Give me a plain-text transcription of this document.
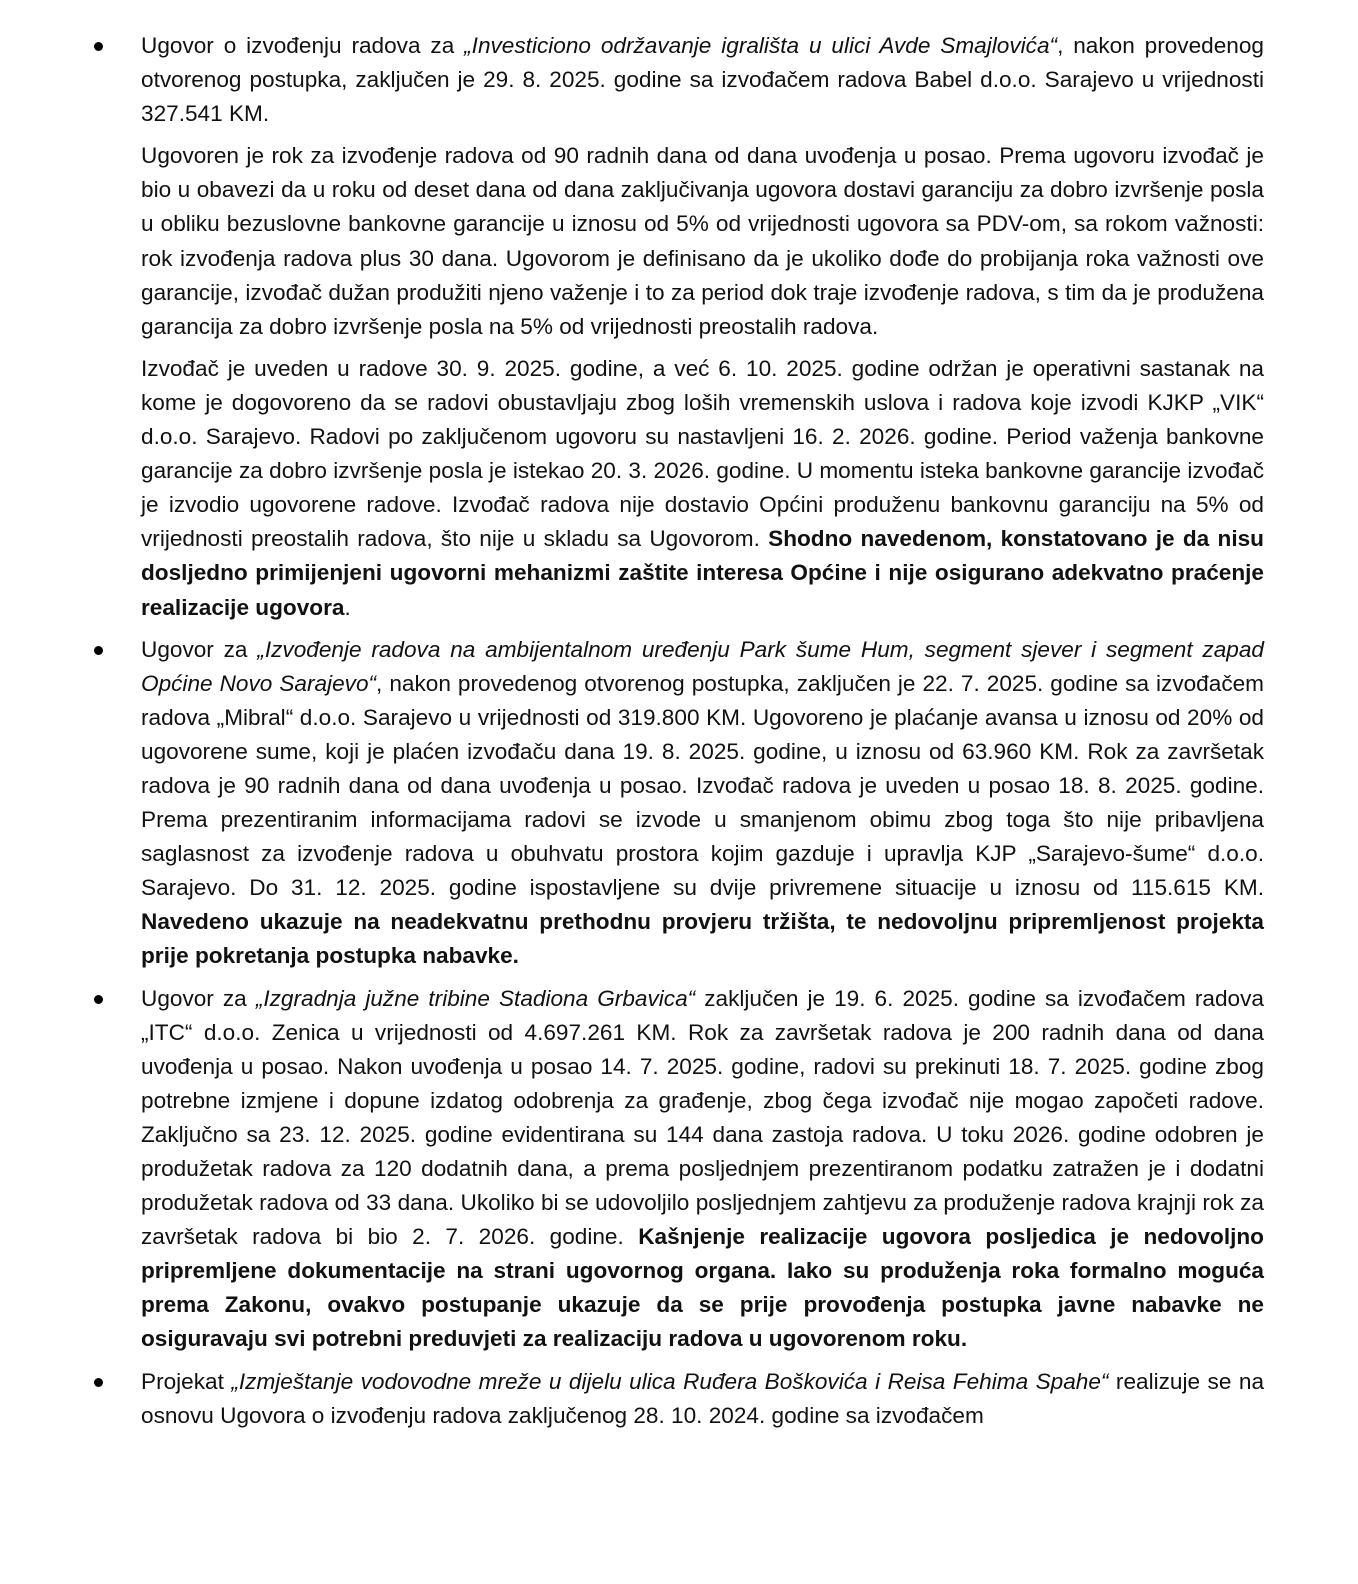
Ugovor o izvođenju radova za „Investiciono održavanje igrališta u ulici Avde Smajlovića“, nakon provedenog otvorenog postupka, zaključen je 29. 8. 2025. godine sa izvođačem radova Babel d.o.o. Sarajevo u vrijednosti 327.541 KM.

Ugovoren je rok za izvođenje radova od 90 radnih dana od dana uvođenja u posao. Prema ugovoru izvođač je bio u obavezi da u roku od deset dana od dana zaključivanja ugovora dostavi garanciju za dobro izvršenje posla u obliku bezuslovne bankovne garancije u iznosu od 5% od vrijednosti ugovora sa PDV-om, sa rokom važnosti: rok izvođenja radova plus 30 dana. Ugovorom je definisano da je ukoliko dođe do probijanja roka važnosti ove garancije, izvođač dužan produžiti njeno važenje i to za period dok traje izvođenje radova, s tim da je produžena garancija za dobro izvršenje posla na 5% od vrijednosti preostalih radova.

Izvođač je uveden u radove 30. 9. 2025. godine, a već 6. 10. 2025. godine održan je operativni sastanak na kome je dogovoreno da se radovi obustavljaju zbog loših vremenskih uslova i radova koje izvodi KJKP „VIK“ d.o.o. Sarajevo. Radovi po zaključenom ugovoru su nastavljeni 16. 2. 2026. godine. Period važenja bankovne garancije za dobro izvršenje posla je istekao 20. 3. 2026. godine. U momentu isteka bankovne garancije izvođač je izvodio ugovorene radove. Izvođač radova nije dostavio Općini produženu bankovnu garanciju na 5% od vrijednosti preostalih radova, što nije u skladu sa Ugovorom. Shodno navedenom, konstatovano je da nisu dosljedno primijenjeni ugovorni mehanizmi zaštite interesa Općine i nije osigurano adekvatno praćenje realizacije ugovora.

Ugovor za „Izvođenje radova na ambijentalnom uređenju Park šume Hum, segment sjever i segment zapad Općine Novo Sarajevo“, nakon provedenog otvorenog postupka, zaključen je 22. 7. 2025. godine sa izvođačem radova „Mibral“ d.o.o. Sarajevo u vrijednosti od 319.800 KM. Ugovoreno je plaćanje avansa u iznosu od 20% od ugovorene sume, koji je plaćen izvođaču dana 19. 8. 2025. godine, u iznosu od 63.960 KM. Rok za završetak radova je 90 radnih dana od dana uvođenja u posao. Izvođač radova je uveden u posao 18. 8. 2025. godine. Prema prezentiranim informacijama radovi se izvode u smanjenom obimu zbog toga što nije pribavljena saglasnost za izvođenje radova u obuhvatu prostora kojim gazduje i upravlja KJP „Sarajevo-šume“ d.o.o. Sarajevo. Do 31. 12. 2025. godine ispostavljene su dvije privremene situacije u iznosu od 115.615 KM. Navedeno ukazuje na neadekvatnu prethodnu provjeru tržišta, te nedovoljnu pripremljenost projekta prije pokretanja postupka nabavke.

Ugovor za „Izgradnja južne tribine Stadiona Grbavica“ zaključen je 19. 6. 2025. godine sa izvođačem radova „ITC“ d.o.o. Zenica u vrijednosti od 4.697.261 KM. Rok za završetak radova je 200 radnih dana od dana uvođenja u posao. Nakon uvođenja u posao 14. 7. 2025. godine, radovi su prekinuti 18. 7. 2025. godine zbog potrebne izmjene i dopune izdatog odobrenja za građenje, zbog čega izvođač nije mogao započeti radove. Zaključno sa 23. 12. 2025. godine evidentirana su 144 dana zastoja radova. U toku 2026. godine odobren je produžetak radova za 120 dodatnih dana, a prema posljednjem prezentiranom podatku zatražen je i dodatni produžetak radova od 33 dana. Ukoliko bi se udovoljilo posljednjem zahtjevu za produženje radova krajnji rok za završetak radova bi bio 2. 7. 2026. godine. Kašnjenje realizacije ugovora posljedica je nedovoljno pripremljene dokumentacije na strani ugovornog organa. Iako su produženja roka formalno moguća prema Zakonu, ovakvo postupanje ukazuje da se prije provođenja postupka javne nabavke ne osiguravaju svi potrebni preduvjeti za realizaciju radova u ugovorenom roku.

Projekat „Izmještanje vodovodne mreže u dijelu ulica Ruđera Boškovića i Reisa Fehima Spahe“ realizuje se na osnovu Ugovora o izvođenju radova zaključenog 28. 10. 2024. godine sa izvođačem
